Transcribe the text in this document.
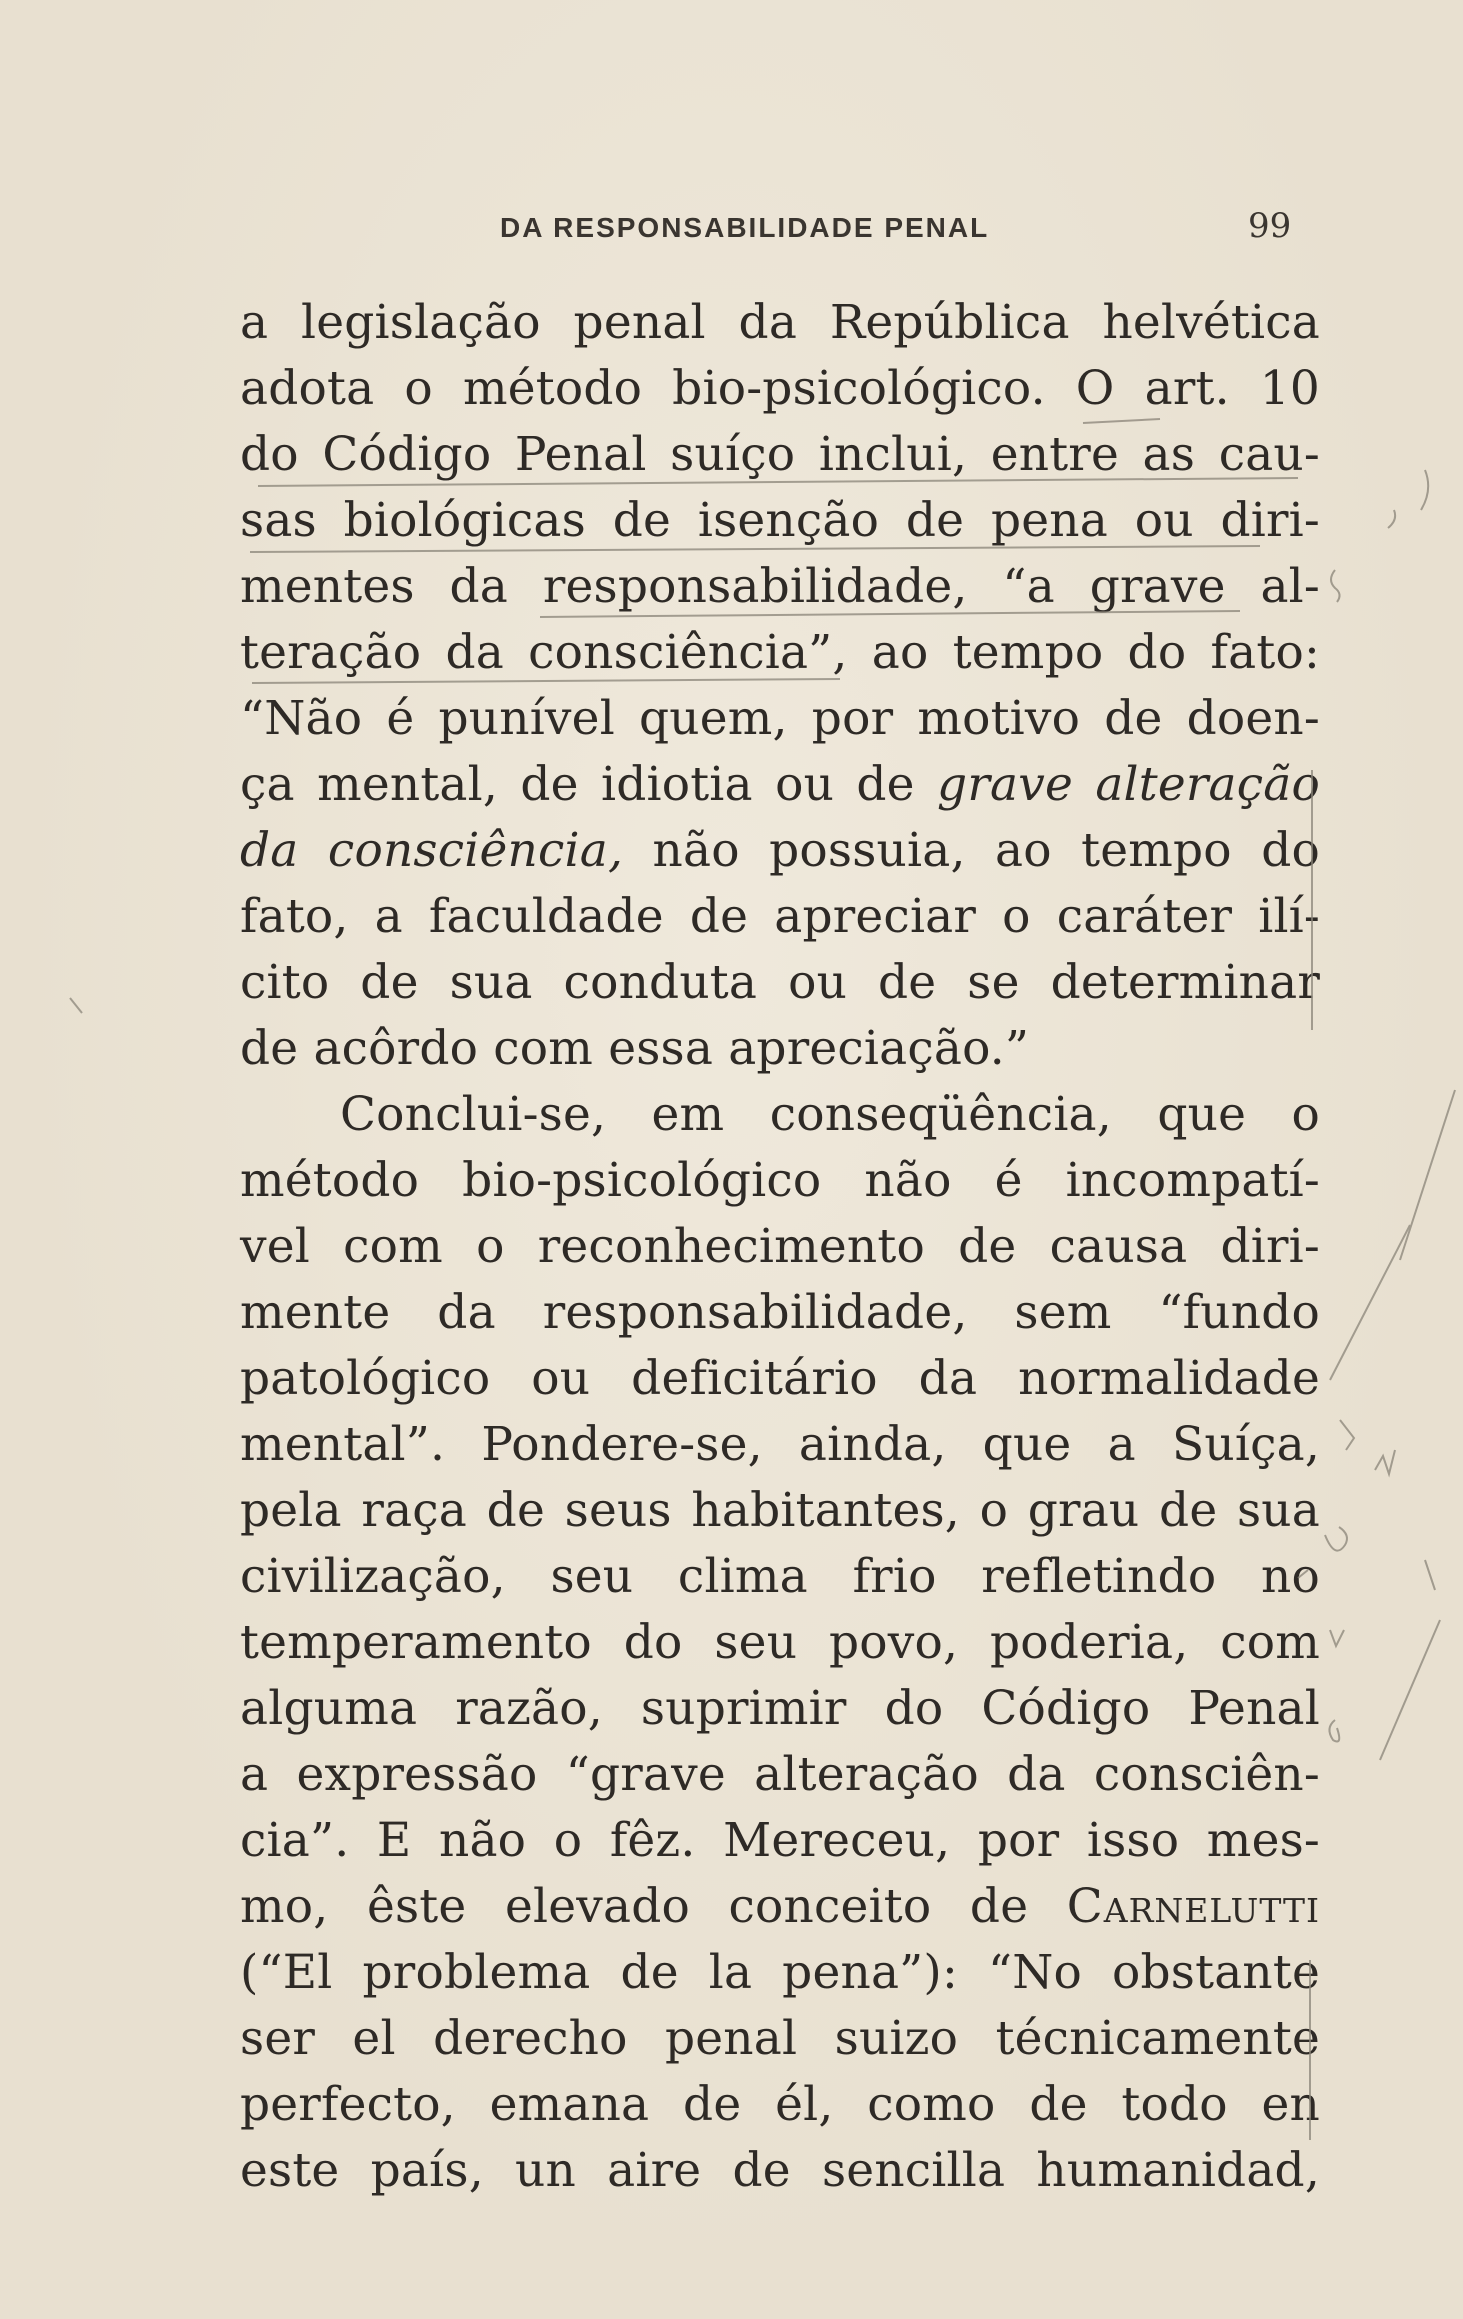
DA RESPONSABILIDADE PENAL	99
a legislação penal da República helvética
adota o método bio-psicológico. O art. 10
do Código Penal suíço inclui, entre as cau-
sas biológicas de isenção de pena ou diri-
mentes da responsabilidade, “a grave al-
teração da consciência”, ao tempo do fato:
“Não é punível quem, por motivo de doen-
ça mental, de idiotia ou de grave alteração
da consciência, não possuia, ao tempo do
fato, a faculdade de apreciar o caráter ilí-
cito de sua conduta ou de se determinar
de acôrdo com essa apreciação.”
Conclui-se, em conseqüência, que o
método bio-psicológico não é incompatí-
vel com o reconhecimento de causa diri-
mente da responsabilidade, sem “fundo
patológico ou deficitário da normalidade
mental”. Pondere-se, ainda, que a Suíça,
pela raça de seus habitantes, o grau de sua
civilização, seu clima frio refletindo no
temperamento do seu povo, poderia, com
alguma razão, suprimir do Código Penal
a expressão “grave alteração da consciên-
cia”. E não o fêz. Mereceu, por isso mes-
mo, êste elevado conceito de Carnelutti
(“El problema de la pena”): “No obstante
ser el derecho penal suizo técnicamente
perfecto, emana de él, como de todo en
este país, un aire de sencilla humanidad,
